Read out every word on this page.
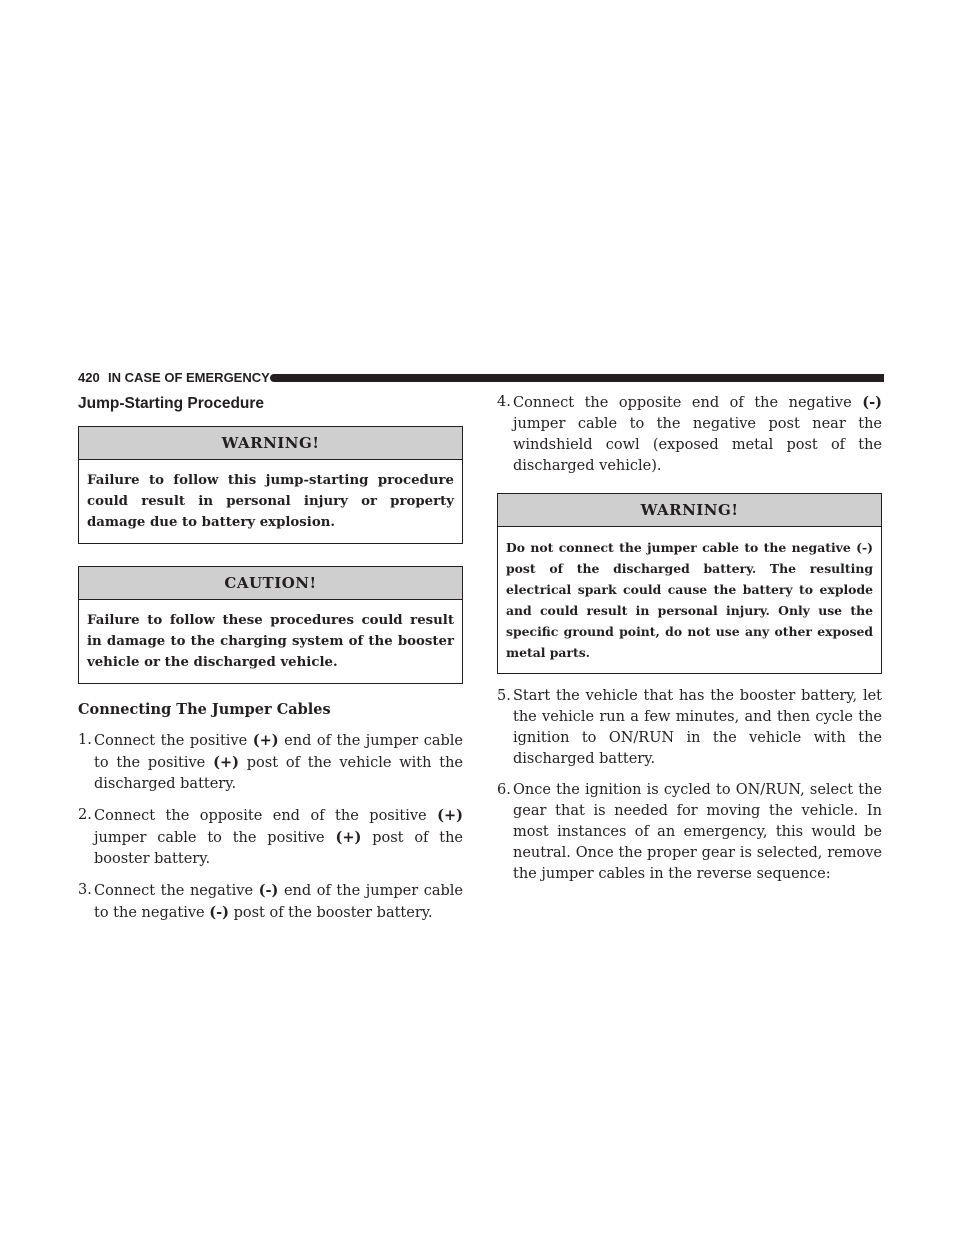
420 IN CASE OF EMERGENCY
Jump-Starting Procedure
WARNING!
Failure to follow this jump-starting procedure could result in personal injury or property damage due to battery explosion.
CAUTION!
Failure to follow these procedures could result in damage to the charging system of the booster vehicle or the discharged vehicle.
Connecting The Jumper Cables
1. Connect the positive (+) end of the jumper cable to the positive (+) post of the vehicle with the discharged battery.
2. Connect the opposite end of the positive (+) jumper cable to the positive (+) post of the booster battery.
3. Connect the negative (-) end of the jumper cable to the negative (-) post of the booster battery.
4. Connect the opposite end of the negative (-) jumper cable to the negative post near the windshield cowl (exposed metal post of the discharged vehicle).
WARNING!
Do not connect the jumper cable to the negative (-) post of the discharged battery. The resulting electrical spark could cause the battery to explode and could result in personal injury. Only use the specific ground point, do not use any other exposed metal parts.
5. Start the vehicle that has the booster battery, let the vehicle run a few minutes, and then cycle the ignition to ON/RUN in the vehicle with the discharged battery.
6. Once the ignition is cycled to ON/RUN, select the gear that is needed for moving the vehicle. In most instances of an emergency, this would be neutral. Once the proper gear is selected, remove the jumper cables in the reverse sequence:
